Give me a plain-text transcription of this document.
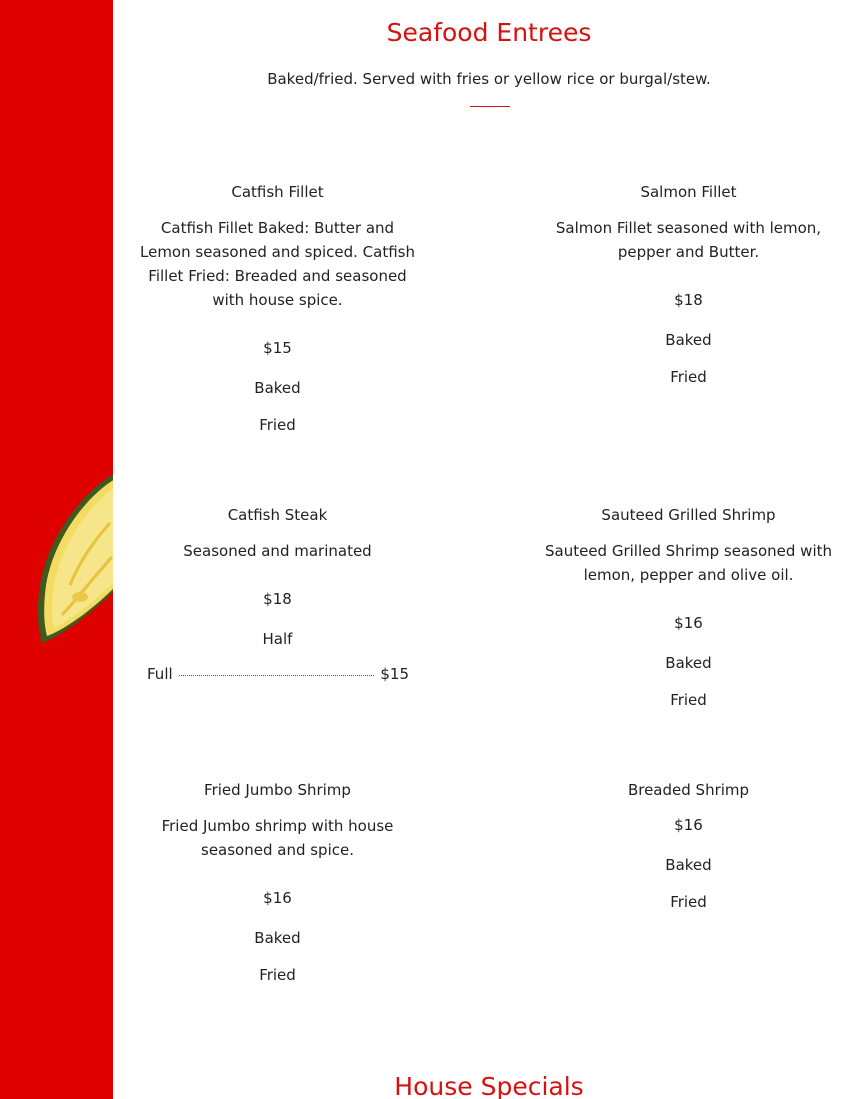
Seafood Entrees

Baked/fried. Served with fries or yellow rice or burgal/stew.

Catfish Fillet
Catfish Fillet Baked: Butter and Lemon seasoned and spiced. Catfish Fillet Fried: Breaded and seasoned with house spice.
$15
Baked
Fried
Salmon Fillet
Salmon Fillet seasoned with lemon, pepper and Butter.
$18
Baked
Fried
Catfish Steak
Seasoned and marinated
$18
Half
Full	$15
Sauteed Grilled Shrimp
Sauteed Grilled Shrimp seasoned with lemon, pepper and olive oil.
$16
Baked
Fried
Fried Jumbo Shrimp
Fried Jumbo shrimp with house seasoned and spice.
$16
Baked
Fried
Breaded Shrimp
$16
Baked
Fried
House Specials
